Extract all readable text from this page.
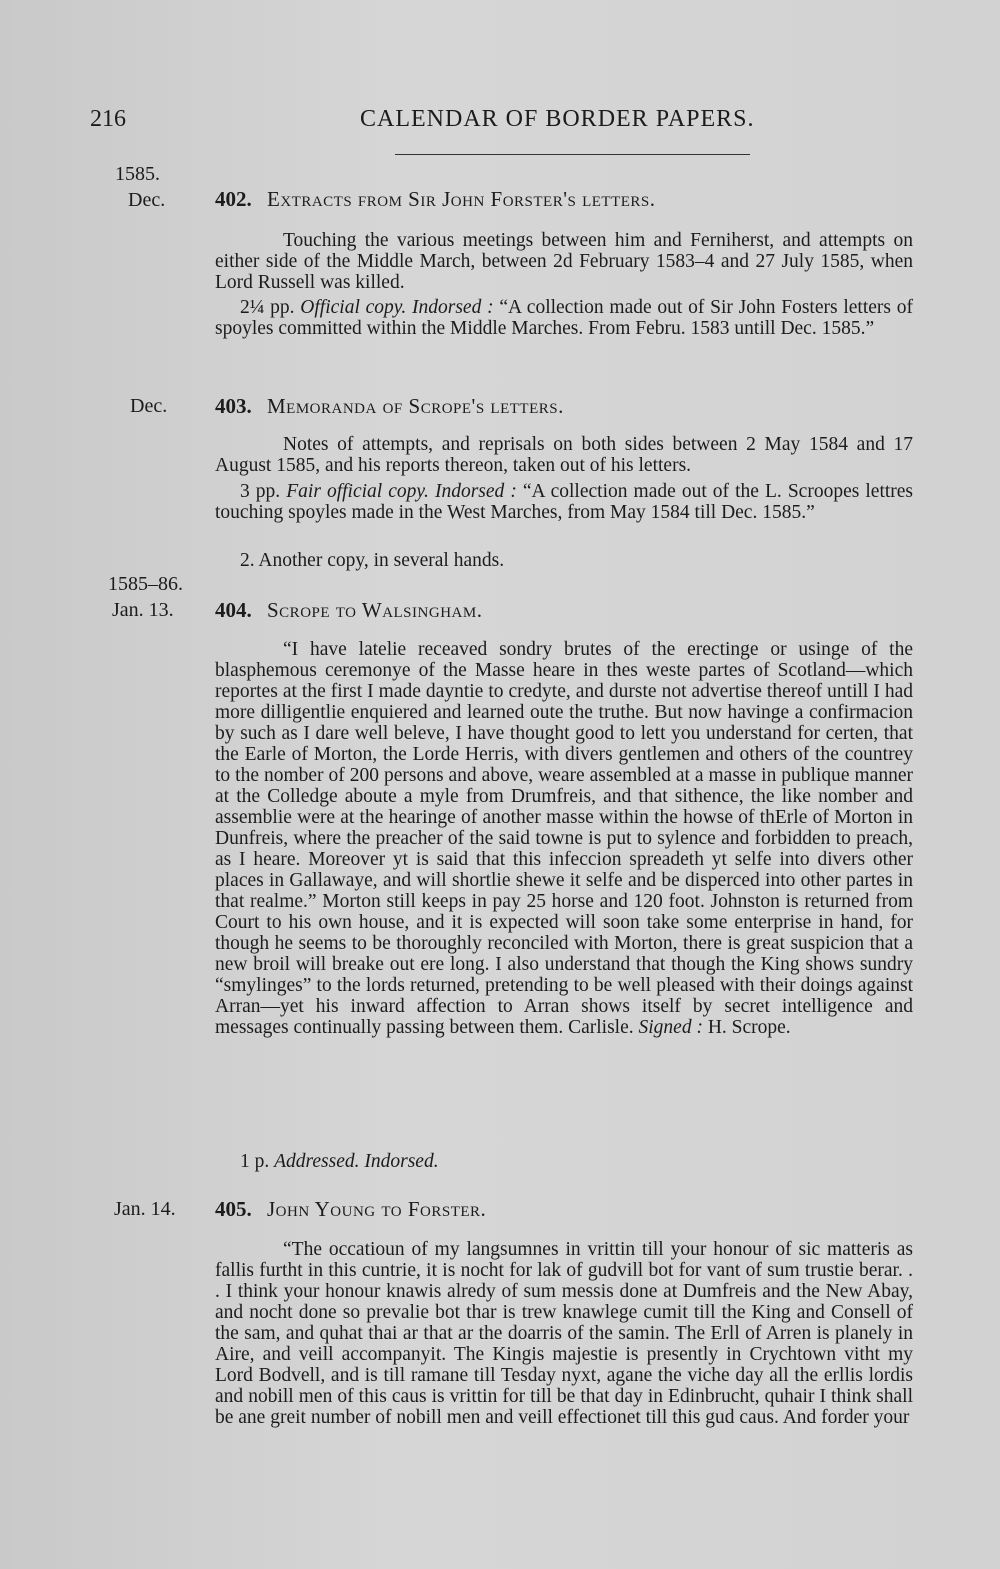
216	CALENDAR OF BORDER PAPERS.
1585.
Dec. 402. Extracts from Sir John Forster's letters.
Touching the various meetings between him and Ferniherst, and attempts on either side of the Middle March, between 2d February 1583–4 and 27 July 1585, when Lord Russell was killed.
2¼ pp. Official copy. Indorsed : “A collection made out of Sir John Fosters letters of spoyles committed within the Middle Marches. From Febru. 1583 untill Dec. 1585.”
Dec. 403. Memoranda of Scrope's letters.
Notes of attempts, and reprisals on both sides between 2 May 1584 and 17 August 1585, and his reports thereon, taken out of his letters.
3 pp. Fair official copy. Indorsed : “A collection made out of the L. Scroopes lettres touching spoyles made in the West Marches, from May 1584 till Dec. 1585.”
2. Another copy, in several hands.
1585–86.
Jan. 13. 404. Scrope to Walsingham.
“I have latelie receaved sondry brutes of the erectinge or usinge of the blasphemous ceremonye of the Masse heare in thes weste partes of Scotland—which reportes at the first I made dayntie to credyte, and durste not advertise thereof untill I had more dilligentlie enquiered and learned oute the truthe. But now havinge a confirmacion by such as I dare well beleve, I have thought good to lett you understand for certen, that the Earle of Morton, the Lorde Herris, with divers gentlemen and others of the countrey to the nomber of 200 persons and above, weare assembled at a masse in publique manner at the Colledge aboute a myle from Drumfreis, and that sithence, the like nomber and assemblie were at the hearinge of another masse within the howse of thErle of Morton in Dunfreis, where the preacher of the said towne is put to sylence and forbidden to preach, as I heare. Moreover yt is said that this infeccion spreadeth yt selfe into divers other places in Gallawaye, and will shortlie shewe it selfe and be disperced into other partes in that realme.” Morton still keeps in pay 25 horse and 120 foot. Johnston is returned from Court to his own house, and it is expected will soon take some enterprise in hand, for though he seems to be thoroughly reconciled with Morton, there is great suspicion that a new broil will breake out ere long. I also understand that though the King shows sundry “smylinges” to the lords returned, pretending to be well pleased with their doings against Arran—yet his inward affection to Arran shows itself by secret intelligence and messages continually passing between them. Carlisle. Signed : H. Scrope.
1 p. Addressed. Indorsed.
Jan. 14. 405. John Young to Forster.
“The occatioun of my langsumnes in vrittin till your honour of sic matteris as fallis furtht in this cuntrie, it is nocht for lak of gudvill bot for vant of sum trustie berar. . . I think your honour knawis alredy of sum messis done at Dumfreis and the New Abay, and nocht done so prevalie bot thar is trew knawlege cumit till the King and Consell of the sam, and quhat thai ar that ar the doarris of the samin. The Erll of Arren is planely in Aire, and veill accompanyit. The Kingis majestie is presently in Crychtown vitht my Lord Bodvell, and is till ramane till Tesday nyxt, agane the viche day all the erllis lordis and nobill men of this caus is vrittin for till be that day in Edinbrucht, quhair I think shall be ane greit number of nobill men and veill effectionet till this gud caus. And forder your
